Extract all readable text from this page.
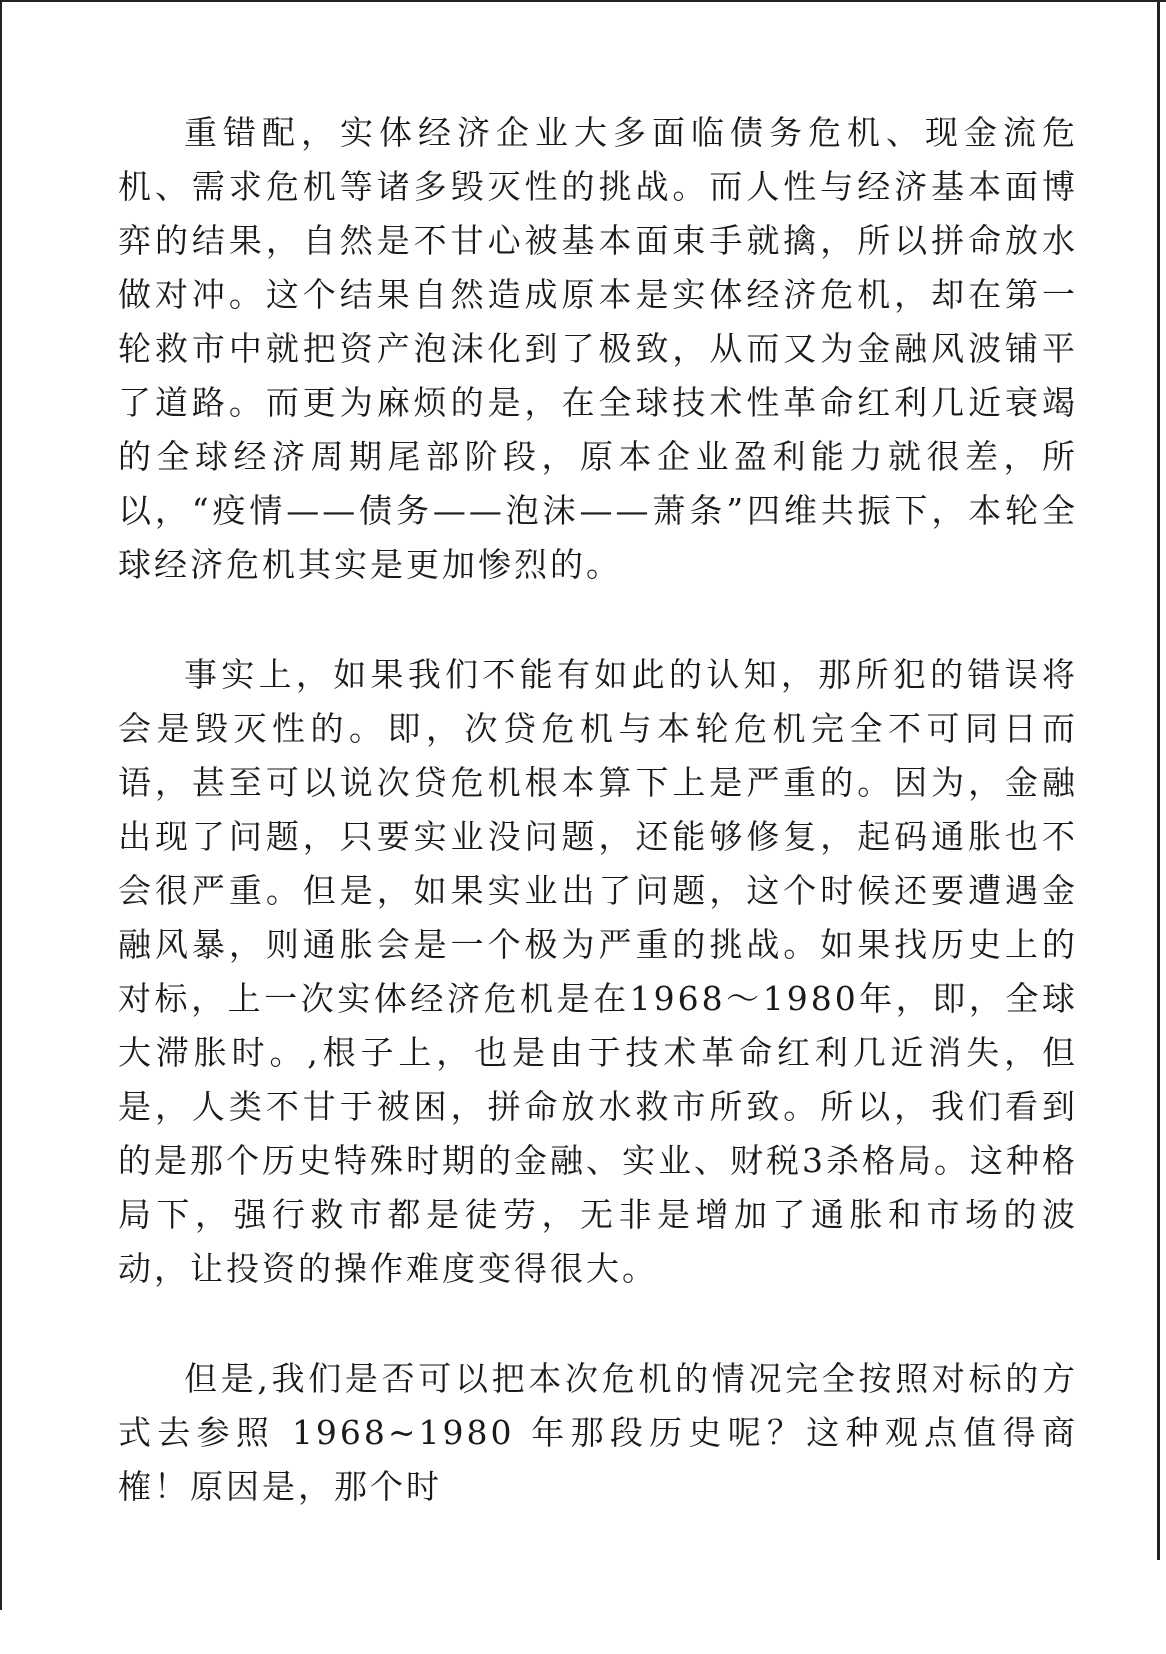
重错配，实体经济企业大多面临债务危机、现金流危机、需求危机等诸多毁灭性的挑战。而人性与经济基本面博弈的结果，自然是不甘心被基本面束手就擒，所以拼命放水做对冲。这个结果自然造成原本是实体经济危机，却在第一轮救市中就把资产泡沫化到了极致，从而又为金融风波铺平了道路。而更为麻烦的是，在全球技术性革命红利几近衰竭的全球经济周期尾部阶段，原本企业盈利能力就很差，所以，“疫情——债务——泡沫——萧条”四维共振下，本轮全球经济危机其实是更加惨烈的。

事实上，如果我们不能有如此的认知，那所犯的错误将会是毁灭性的。即，次贷危机与本轮危机完全不可同日而语，甚至可以说次贷危机根本算下上是严重的。因为，金融出现了问题，只要实业没问题，还能够修复，起码通胀也不会很严重。但是，如果实业出了问题，这个时候还要遭遇金融风暴，则通胀会是一个极为严重的挑战。如果找历史上的对标，上一次实体经济危机是在1968～1980年，即，全球大滞胀时。,根子上，也是由于技术革命红利几近消失，但是，人类不甘于被困，拼命放水救市所致。所以，我们看到的是那个历史特殊时期的金融、实业、财税3杀格局。这种格局下，强行救市都是徒劳，无非是增加了通胀和市场的波动，让投资的操作难度变得很大。

但是,我们是否可以把本次危机的情况完全按照对标的方式去参照 1968~1980 年那段历史呢？这种观点值得商榷！原因是，那个时
